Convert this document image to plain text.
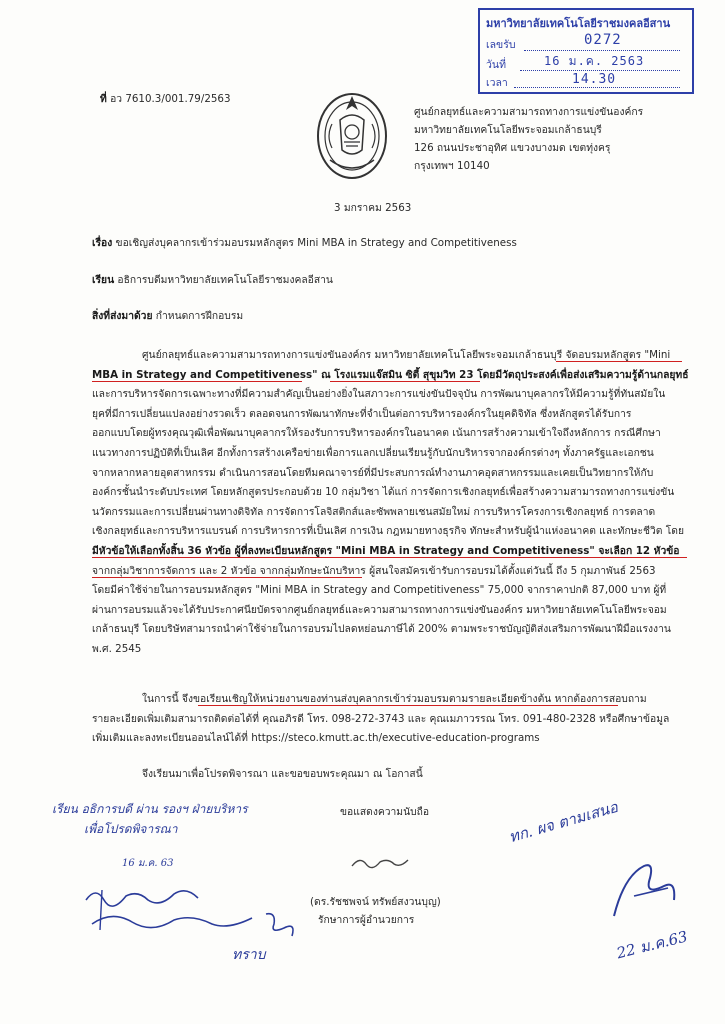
มหาวิทยาลัยเทคโนโลยีราชมงคลอีสาน
เลขรับ	0272
วันที่	16 ม.ค. 2563
เวลา	14.30
ที่ อว 7610.3/001.79/2563
ศูนย์กลยุทธ์และความสามารถทางการแข่งขันองค์กร
มหาวิทยาลัยเทคโนโลยีพระจอมเกล้าธนบุรี
126 ถนนประชาอุทิศ แขวงบางมด เขตทุ่งครุ
กรุงเทพฯ 10140
3 มกราคม 2563
เรื่อง ขอเชิญส่งบุคลากรเข้าร่วมอบรมหลักสูตร Mini MBA in Strategy and Competitiveness
เรียน อธิการบดีมหาวิทยาลัยเทคโนโลยีราชมงคลอีสาน
สิ่งที่ส่งมาด้วย กำหนดการฝึกอบรม
ศูนย์กลยุทธ์และความสามารถทางการแข่งขันองค์กร มหาวิทยาลัยเทคโนโลยีพระจอมเกล้าธนบุรี จัดอบรมหลักสูตร "Mini
MBA in Strategy and Competitiveness" ณ โรงแรมแจ๊สมิน ซิตี้ สุขุมวิท 23 โดยมีวัตถุประสงค์เพื่อส่งเสริมความรู้ด้านกลยุทธ์
และการบริหารจัดการเฉพาะทางที่มีความสำคัญเป็นอย่างยิ่งในสภาวะการแข่งขันปัจจุบัน การพัฒนาบุคลากรให้มีความรู้ที่ทันสมัยใน
ยุคที่มีการเปลี่ยนแปลงอย่างรวดเร็ว ตลอดจนการพัฒนาทักษะที่จำเป็นต่อการบริหารองค์กรในยุคดิจิทัล ซึ่งหลักสูตรได้รับการ
ออกแบบโดยผู้ทรงคุณวุฒิเพื่อพัฒนาบุคลากรให้รองรับการบริหารองค์กรในอนาคต เน้นการสร้างความเข้าใจถึงหลักการ กรณีศึกษา
แนวทางการปฏิบัติที่เป็นเลิศ อีกทั้งการสร้างเครือข่ายเพื่อการแลกเปลี่ยนเรียนรู้กับนักบริหารจากองค์กรต่างๆ ทั้งภาครัฐและเอกชน
จากหลากหลายอุตสาหกรรม ดำเนินการสอนโดยทีมคณาจารย์ที่มีประสบการณ์ทำงานภาคอุตสาหกรรมและเคยเป็นวิทยากรให้กับ
องค์กรชั้นนำระดับประเทศ โดยหลักสูตรประกอบด้วย 10 กลุ่มวิชา ได้แก่ การจัดการเชิงกลยุทธ์เพื่อสร้างความสามารถทางการแข่งขัน
นวัตกรรมและการเปลี่ยนผ่านทางดิจิทัล การจัดการโลจิสติกส์และซัพพลายเชนสมัยใหม่ การบริหารโครงการเชิงกลยุทธ์ การตลาด
เชิงกลยุทธ์และการบริหารแบรนด์ การบริหารการที่เป็นเลิศ การเงิน กฎหมายทางธุรกิจ ทักษะสำหรับผู้นำแห่งอนาคต และทักษะชีวิต โดย
มีหัวข้อให้เลือกทั้งสิ้น 36 หัวข้อ ผู้ที่ลงทะเบียนหลักสูตร "Mini MBA in Strategy and Competitiveness" จะเลือก 12 หัวข้อ
จากกลุ่มวิชาการจัดการ และ 2 หัวข้อ จากกลุ่มทักษะนักบริหาร ผู้สนใจสมัครเข้ารับการอบรมได้ตั้งแต่วันนี้ ถึง 5 กุมภาพันธ์ 2563
โดยมีค่าใช้จ่ายในการอบรมหลักสูตร "Mini MBA in Strategy and Competitiveness" 75,000 จากราคาปกติ 87,000 บาท ผู้ที่
ผ่านการอบรมแล้วจะได้รับประกาศนียบัตรจากศูนย์กลยุทธ์และความสามารถทางการแข่งขันองค์กร มหาวิทยาลัยเทคโนโลยีพระจอม
เกล้าธนบุรี โดยบริษัทสามารถนำค่าใช้จ่ายในการอบรมไปลดหย่อนภาษีได้ 200% ตามพระราชบัญญัติส่งเสริมการพัฒนาฝีมือแรงงาน
พ.ศ. 2545
ในการนี้ จึงขอเรียนเชิญให้หน่วยงานของท่านส่งบุคลากรเข้าร่วมอบรมตามรายละเอียดข้างต้น หากต้องการสอบถาม
รายละเอียดเพิ่มเติมสามารถติดต่อได้ที่ คุณอภิรดี โทร. 098-272-3743 และ คุณเมภาวรรณ โทร. 091-480-2328 หรือศึกษาข้อมูล
เพิ่มเติมและลงทะเบียนออนไลน์ได้ที่ https://steco.kmutt.ac.th/executive-education-programs
จึงเรียนมาเพื่อโปรดพิจารณา และขอขอบพระคุณมา ณ โอกาสนี้
ขอแสดงความนับถือ
(ดร.รัชชพจน์ ทรัพย์สงวนบุญ)
รักษาการผู้อำนวยการ
เรียน อธิการบดี ผ่าน รองฯ ฝ่ายบริหาร
เพื่อโปรดพิจารณา
16 ม.ค. 63
ทราบ
ทก. ผจ ตามเสนอ
22 ม.ค.63
